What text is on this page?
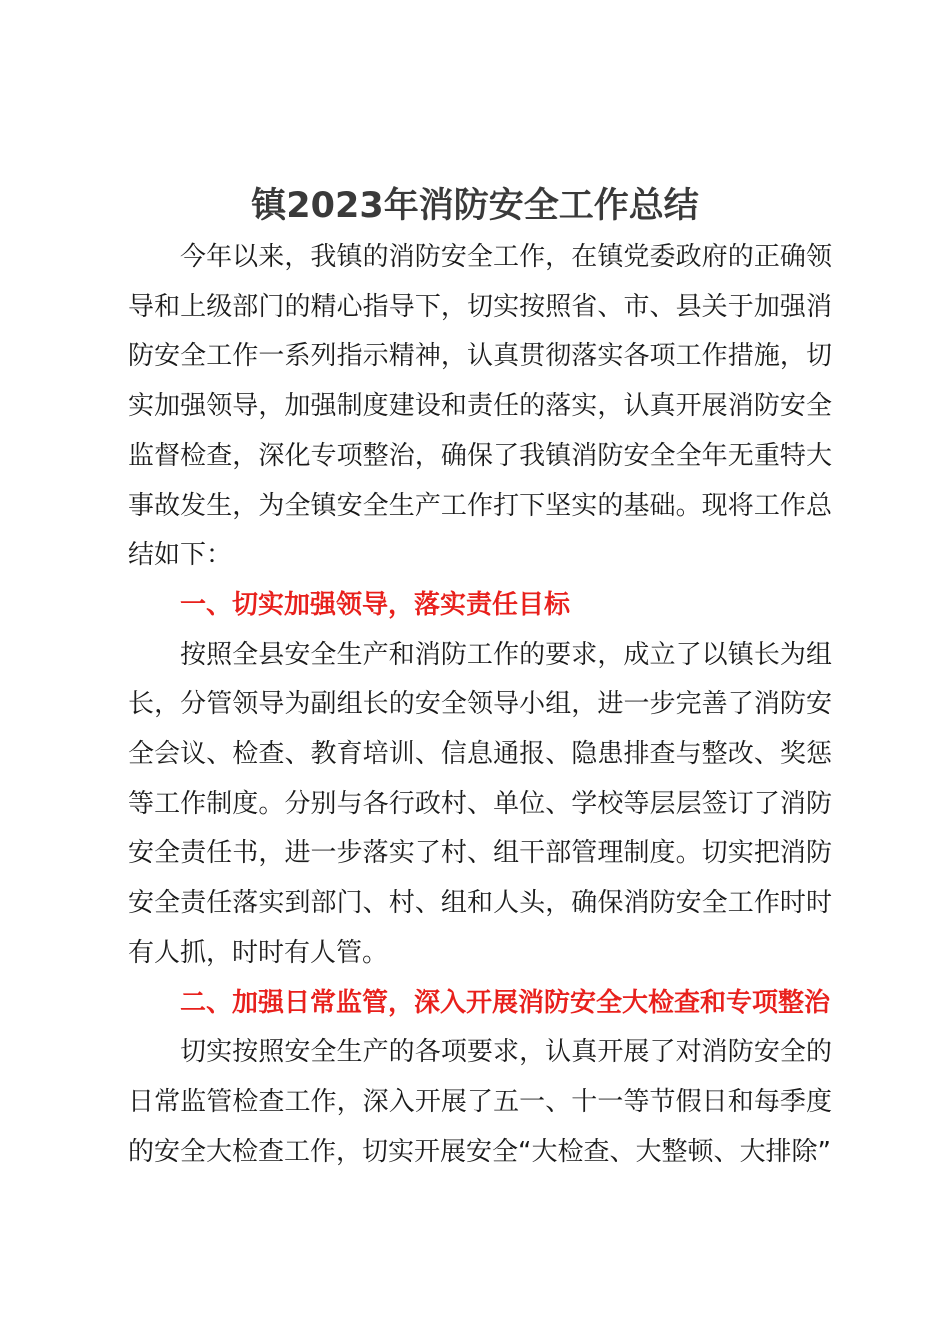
镇2023年消防安全工作总结

今年以来，我镇的消防安全工作，在镇党委政府的正确领导和上级部门的精心指导下，切实按照省、市、县关于加强消防安全工作一系列指示精神，认真贯彻落实各项工作措施，切实加强领导，加强制度建设和责任的落实，认真开展消防安全监督检查，深化专项整治，确保了我镇消防安全全年无重特大事故发生，为全镇安全生产工作打下坚实的基础。现将工作总结如下：

一、切实加强领导，落实责任目标

按照全县安全生产和消防工作的要求，成立了以镇长为组长，分管领导为副组长的安全领导小组，进一步完善了消防安全会议、检查、教育培训、信息通报、隐患排查与整改、奖惩等工作制度。分别与各行政村、单位、学校等层层签订了消防安全责任书，进一步落实了村、组干部管理制度。切实把消防安全责任落实到部门、村、组和人头，确保消防安全工作时时有人抓，时时有人管。

二、加强日常监管，深入开展消防安全大检查和专项整治

切实按照安全生产的各项要求，认真开展了对消防安全的日常监管检查工作，深入开展了五一、十一等节假日和每季度的安全大检查工作，切实开展安全“大检查、大整顿、大排除”
